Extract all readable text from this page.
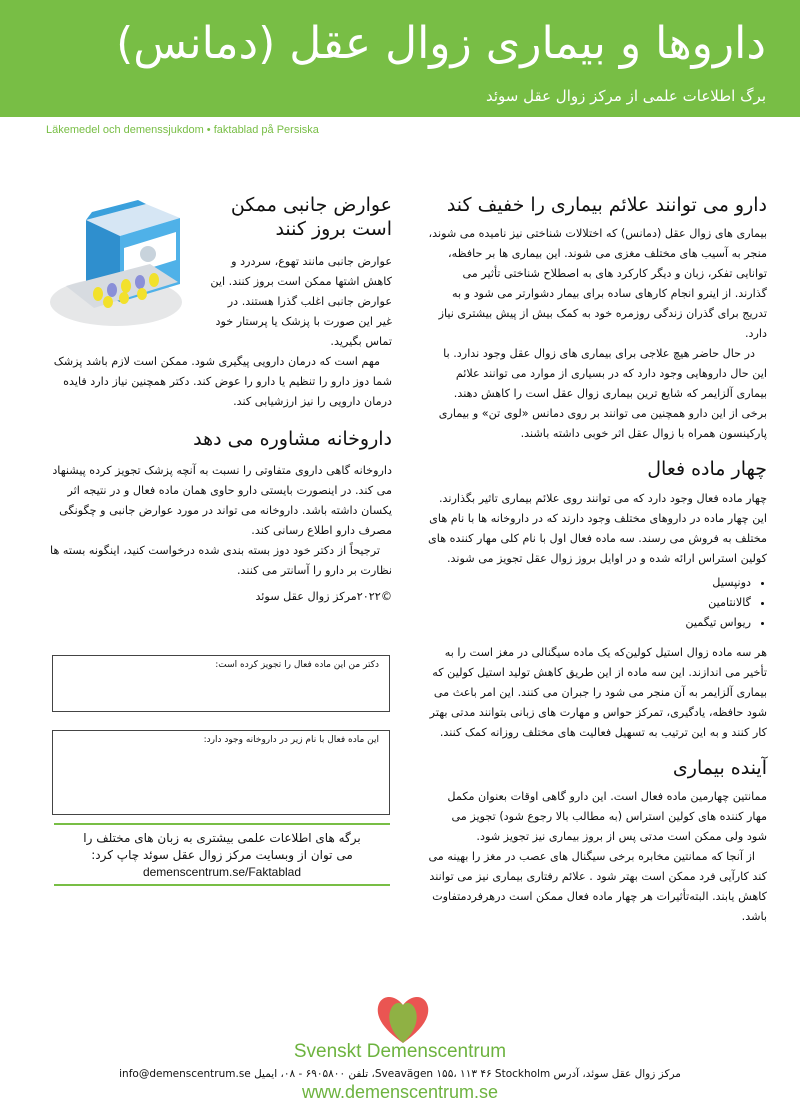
داروها و بیماری زوال عقل (دمانس)
برگ اطلاعات علمی از مرکز زوال عقل سوئد
Läkemedel och demenssjukdom • faktablad på Persiska
دارو می توانند علائم بیماری را خفیف کند

بیماری های زوال عقل (دمانس) که اختلالات شناختی نیز نامیده می شوند، منجر به آسیب های مختلف مغزی می شوند. این بیماری ها بر حافظه، توانایی تفکر، زبان و دیگر کارکرد های به اصطلاح شناختی تأثیر می گذارند. از اینرو انجام کارهای ساده برای بیمار دشوارتر می شود و به تدریج برای گذران زندگی روزمره خود به کمک بیش از پیش بیشتری نیاز دارد.

در حال حاضر هیچ علاجی برای بیماری های زوال عقل وجود ندارد. با این حال داروهایی وجود دارد که در بسیاری از موارد می توانند علائم بیماری آلزایمر که شایع ترین بیماری زوال عقل است را کاهش دهند. برخی از این دارو همچنین می توانند بر روی دمانس «لوی تن» و بیماری پارکینسون همراه با زوال عقل اثر خوبی داشته باشند.

چهار ماده فعال

چهار ماده فعال وجود دارد که می توانند روی علائم بیماری تاثیر بگذارند. این چهار ماده در داروهای مختلف وجود دارند که در داروخانه ها با نام های مختلف به فروش می رسند. سه ماده فعال اول با نام کلی مهار کننده های کولین استراس ارائه شده و در اوایل بروز زوال عقل تجویز می شوند.

• دونپسیل
• گالانتامین
• ریواس تیگمین

هر سه ماده زوال استیل کولین‌که یک ماده سیگنالی در مغز است را به تأخیر می اندازند. این سه ماده از این طریق کاهش تولید استیل کولین که بیماری آلزایمر به آن منجر می شود را جبران می کنند. این امر باعث می شود حافظه، یادگیری، تمرکز حواس و مهارت های زبانی بتوانند مدتی بهتر کار کنند و به این ترتیب به تسهیل فعالیت های مختلف روزانه کمک کنند.

آینده بیماری

ممانتین چهارمین ماده فعال است. این دارو گاهی اوقات بعنوان مکمل مهار کننده های کولین استراس (به مطالب بالا رجوع شود) تجویز می شود ولی ممکن است مدتی پس از بروز بیماری نیز تجویز شود.

از آنجا که ممانتین مخابره برخی سیگنال های عصب در مغز را بهینه می کند کارآیی فرد ممکن است بهتر شود . علائم رفتاری بیماری نیز می توانند کاهش یابند. البته‌تأثیرات هر چهار ماده فعال ممکن است درهرفردمتفاوت باشد.

عوارض جانبی ممکن است بروز کنند

عوارض جانبی مانند تهوع، سردرد و کاهش اشتها ممکن است بروز کنند. این عوارض جانبی اغلب گذرا هستند. در غیر این صورت با پزشک یا پرستار خود تماس بگیرید.

مهم است که درمان دارویی پیگیری شود. ممکن است لازم باشد پزشک شما دوز دارو را تنظیم یا دارو را عوض کند. دکتر همچنین نیاز دارد فایده درمان دارویی را نیز ارزشیابی کند.

داروخانه مشاوره می دهد

داروخانه گاهی دارو‌ی متفاوتی را نسبت به آنچه پزشک تجویز کرده پیشنهاد می کند. در اینصورت بایستی دارو حاوی همان ماده فعال و در نتیجه اثر یکسان داشته باشد. داروخانه می تواند در مورد عوارض جانبی و چگونگی مصرف دارو اطلاع رسانی کند.

ترجیحاً از دکتر خود دوز بسته بندی شده درخواست کنید، اینگونه بسته ها نظارت بر دارو را آسانتر می کنند.

©۲۰۲۲مرکز زوال عقل سوئد

دکتر من این ماده فعال را تجویز کرده است:
این ماده فعال با نام زیر در داروخانه وجود دارد:
برگه های اطلاعات علمی بیشتری به زبان های مختلف را
می توان از وبسایت مرکز زوال عقل سوئد چاپ کرد:
demenscentrum.se/Faktablad
Svenskt Demenscentrum
مرکز زوال عقل سوئد، آدرس Sveavägen ۱۵۵، ۱۱۳ ۴۶ Stockholm، تلفن ۶۹۰۵۸۰۰ - ۰۸، ایمیل info@demenscentrum.se
www.demenscentrum.se
